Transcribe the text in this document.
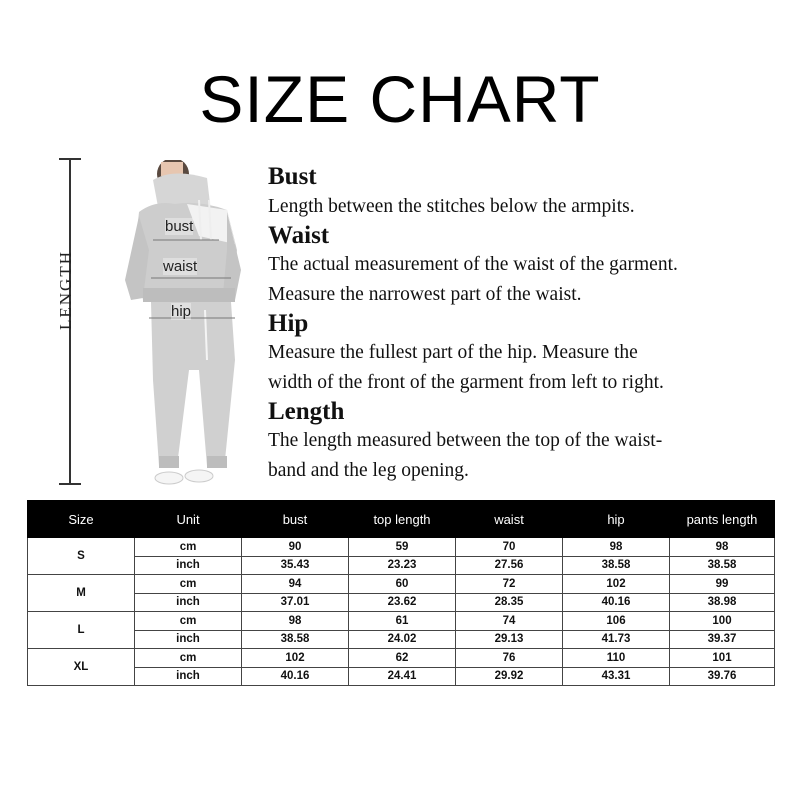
SIZE CHART
LENGTH
bust
waist
hip
Bust
Length between the stitches below the armpits.
Waist
The actual measurement of the waist of the garment.
Measure the narrowest part of the waist.
Hip
Measure the fullest part of the hip. Measure the
width of the front of the garment from left to right.
Length
The length measured between the top of the waist-
band and the leg opening.
Size	Unit	bust	top length	waist	hip	pants length
S	cm	90	59	70	98	98
	inch	35.43	23.23	27.56	38.58	38.58
M	cm	94	60	72	102	99
	inch	37.01	23.62	28.35	40.16	38.98
L	cm	98	61	74	106	100
	inch	38.58	24.02	29.13	41.73	39.37
XL	cm	102	62	76	110	101
	inch	40.16	24.41	29.92	43.31	39.76
